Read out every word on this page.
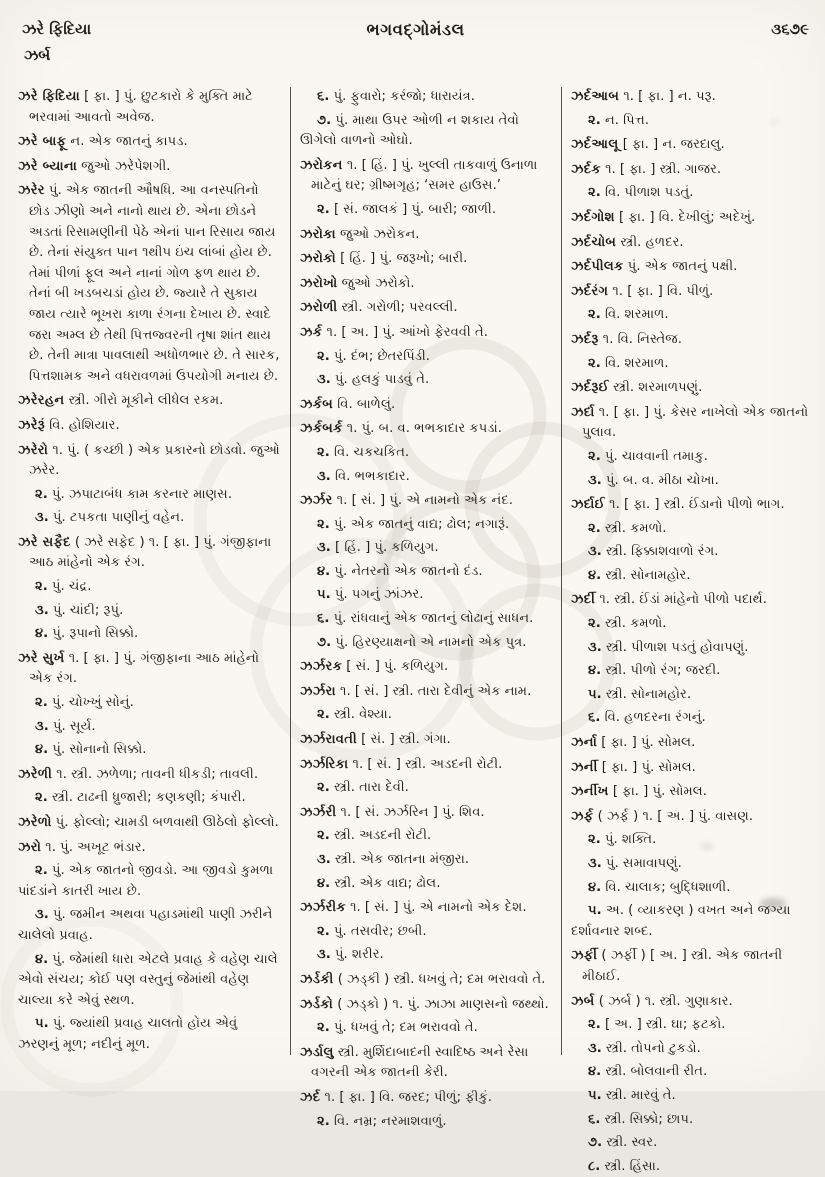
ઝરે ફિદિયા	ભગવદ્ગોમંડલ	૩૬૭૯
ઝર્બ

ઝરે ફિદિયા [ ફા. ] પું. છુટકારો કે મુક્તિ માટે ભરવામાં આવતો અવેજ.

ઝરે બાફૂ ન. એક જાતનું કાપડ.

ઝરે બ્યાના જુઓ ઝરેપેશગી.

ઝરેર પું. એક જાતની ઔષધિ. આ વનસ્પતિનો છોડ ઝીણો અને નાનો થાય છે. એના છોડને અડતાં રિસામણીની પેઠે એનાં પાન રિસાય જાય છે. તેનાં સંયુક્ત પાન ૧થી૫ ઇંચ લાંબાં હોય છે. તેમાં પીળાં ફૂલ અને નાનાં ગોળ ફળ થાય છે. તેનાં બી ખડબચડાં હોય છે. જ્યારે તે સુકાય જાય ત્યારે ભૂખરા કાળા રંગના દેખાય છે. સ્વાદે જરા અમ્લ છે તેથી પિત્તજ્વરની તૃષા શાંત થાય છે. તેની માત્રા પાવલાથી અધોળભાર છે. તે સારક, પિત્તશામક અને વધરાવળમાં ઉપયોગી મનાય છે.

ઝરેરહન સ્ત્રી. ગીરો મૂકીને લીધેલ રકમ.

ઝરેરૂં વિ. હોશિયાર.

ઝરેરો ૧. પું. ( કચ્છી ) એક પ્રકારનો છોડવો. જુઓ ઝરેર.

૨. પું. ઝપાટાબંધ કામ કરનાર માણસ.

૩. પું. ટપકતા પાણીનું વહેન.

ઝરે સફૈદ ( ઝરે સફેદ ) ૧. [ ફા. ] પું. ગંજીફાના આઠ માંહેનો એક રંગ.

૨. પું. ચંદ્ર.

૩. પું. ચાંદી; રૂપું.

૪. પું. રૂપાનો સિક્કો.

ઝરે સુર્ખ ૧. [ ફા. ] પું. ગંજીફાના આઠ માંહેનો એક રંગ.

૨. પું. ચોખ્ખું સોનું.

૩. પું. સૂર્ય.

૪. પું. સોનાનો સિક્કો.

ઝરેળી ૧. સ્ત્રી. ઝળેળા; તાવની ધીકડી; તાવલી.

૨. સ્ત્રી. ટાઢની ધ્રુજારી; કણકણી; કંપારી.

ઝરેળો પું. ફોલ્લો; ચામડી બળવાથી ઊઠેલો ફોલ્લો.

ઝરો ૧. પું. અખૂટ ભંડાર.

૨. પું. એક જાતનો જીવડો. આ જીવડો કુમળા પાંદડાંને કાતરી ખાય છે.

૩. પું. જમીન અથવા પહાડમાંથી પાણી ઝરીને ચાલેલો પ્રવાહ.

૪. પું. જેમાંથી ધારા એટલે પ્રવાહ કે વહેણ ચાલે એવો સંચય; કોઈ પણ વસ્તુનું જેમાંથી વહેણ ચાલ્યા કરે એવું સ્થળ.

૫. પું. જ્યાંથી પ્રવાહ ચાલતો હોય એવું ઝરણનું મૂળ; નદીનું મૂળ.

૬. પું. ફુવારો; કરંજો; ધારાયંત્ર.

૭. પું. માથા ઉપર ઓળી ન શકાય તેવો ઊગેલો વાળનો ઓઘો.

ઝરોકન ૧. [ હિં. ] પું. ખુલ્લી તાકવાળું ઉનાળા માટેનું ઘર; ગ્રીષ્મગૃહ; ‘સમર હાઉસ.’

૨. [ સં. જાલકં ] પું. બારી; જાળી.

ઝરોકા જુઓ ઝરોકન.

ઝરોકો [ હિં. ] પું. જરૂખો; બારી.

ઝરોખો જુઓ ઝરોકો.

ઝરોળી સ્ત્રી. ગરોળી; પરવલ્લી.

ઝર્ક ૧. [ અ. ] પું. આંખો ફેરવવી તે.

૨. પું. દંભ; છેતરપિંડી.

૩. પું. હલકું પાડવું તે.

ઝર્કબ વિ. બાળેલું.

ઝર્કબર્ક ૧. પું. બ. વ. ભભકાદાર કપડાં.

૨. વિ. ચકચકિત.

૩. વિ. ભભકાદાર.

ઝર્ઝર ૧. [ સં. ] પું. એ નામનો એક નંદ.

૨. પું. એક જાતનું વાદ્ય; ઢોલ; નગારૂં.

૩. [ હિં. ] પું. કળિયુગ.

૪. પું. નેતરનો એક જાતનો દંડ.

૫. પું. પગનું ઝાંઝર.

૬. પું. રાંધવાનું એક જાતનું લોઢાનું સાધન.

૭. પું. હિરણ્યાક્ષનો એ નામનો એક પુત્ર.

ઝર્ઝરક [ સં. ] પું. કળિયુગ.

ઝર્ઝરા ૧. [ સં. ] સ્ત્રી. તારા દેવીનું એક નામ.

૨. સ્ત્રી. વેશ્યા.

ઝર્ઝરાવતી [ સં. ] સ્ત્રી. ગંગા.

ઝર્ઝરિકા ૧. [ સં. ] સ્ત્રી. અડદની રોટી.

૨. સ્ત્રી. તારા દેવી.

ઝર્ઝરી ૧. [ સં. ઝર્ઝરિન ] પું. શિવ.

૨. સ્ત્રી. અડદની રોટી.

૩. સ્ત્રી. એક જાતના મંજીરા.

૪. સ્ત્રી. એક વાદ્ય; ઢોલ.

ઝર્ઝરીક ૧. [ સં. ] પું. એ નામનો એક દેશ.

૨. પું. તસવીર; છબી.

૩. પું. શરીર.

ઝર્ડકી ( ઝડ્કી ) સ્ત્રી. ધખવું તે; દમ ભરાવવો તે.

ઝર્ડકો ( ઝડ્કો ) ૧. પું. ઝાઝા માણસનો જથ્થો.

૨. પું. ધખવું તે; દમ ભરાવવો તે.

ઝર્ડાલુ સ્ત્રી. મુર્શિદાબાદની સ્વાદિષ્ઠ અને રેસા વગરની એક જાતની કેરી.

ઝર્દ ૧. [ ફા. ] વિ. જરદ; પીળું; ફીકું.

૨. વિ. નમ્ર; નરમાશવાળું.

ઝર્દઆબ ૧. [ ફા. ] ન. પરૂ.

૨. ન. પિત્ત.

ઝર્દઆલૂ [ ફા. ] ન. જરદાલુ.

ઝર્દક ૧. [ ફા. ] સ્ત્રી. ગાજર.

૨. વિ. પીળાશ પડતું.

ઝર્દગોશ [ ફા. ] વિ. દેખીલું; અદેખું.

ઝર્દચોબ સ્ત્રી. હળદર.

ઝર્દપીલક પું. એક જાતનું પક્ષી.

ઝર્દરંગ ૧. [ ફા. ] વિ. પીળું.

૨. વિ. શરમાળ.

ઝર્દરૂ ૧. વિ. નિસ્તેજ.

૨. વિ. શરમાળ.

ઝર્દરૂઈ સ્ત્રી. શરમાળપણું.

ઝર્દા ૧. [ ફા. ] પું. કેસર નાખેલો એક જાતનો પુલાવ.

૨. પું. ચાવવાની તમાકુ.

૩. પું. બ. વ. મીઠા ચોખા.

ઝર્દાઈ ૧. [ ફા. ] સ્ત્રી. ઈંડાનો પીળો ભાગ.

૨. સ્ત્રી. કમળો.

૩. સ્ત્રી. ફિક્કાશવાળો રંગ.

૪. સ્ત્રી. સોનામહોર.

ઝર્દી ૧. સ્ત્રી. ઈંડાં માંહેનો પીળો પદાર્થ.

૨. સ્ત્રી. કમળો.

૩. સ્ત્રી. પીળાશ પડતું હોવાપણું.

૪. સ્ત્રી. પીળો રંગ; જરદી.

૫. સ્ત્રી. સોનામહોર.

૬. વિ. હળદરના રંગનું.

ઝર્ના [ ફા. ] પું. સોમલ.

ઝર્ની [ ફા. ] પું. સોમલ.

ઝર્નીખ [ ફા. ] પું. સોમલ.

ઝર્ફ ( ઝર્ફ ) ૧. [ અ. ] પું. વાસણ.

૨. પું. શક્તિ.

૩. પું. સમાવાપણું.

૪. વિ. ચાલાક; બુદ્ધિશાળી.

૫. અ. ( વ્યાકરણ ) વખત અને જગ્યા દર્શાવનાર શબ્દ.

ઝર્ફી ( ઝર્ફી ) [ અ. ] સ્ત્રી. એક જાતની મીઠાઈ.

ઝર્બ ( ઝર્બ ) ૧. સ્ત્રી. ગુણાકાર.

૨. [ અ. ] સ્ત્રી. ઘા; ફટકો.

૩. સ્ત્રી. તોપનો ટુકડો.

૪. સ્ત્રી. બોલવાની રીત.

૫. સ્ત્રી. મારવું તે.

૬. સ્ત્રી. સિક્કો; છાપ.

૭. સ્ત્રી. સ્વર.

૮. સ્ત્રી. હિંસા.
